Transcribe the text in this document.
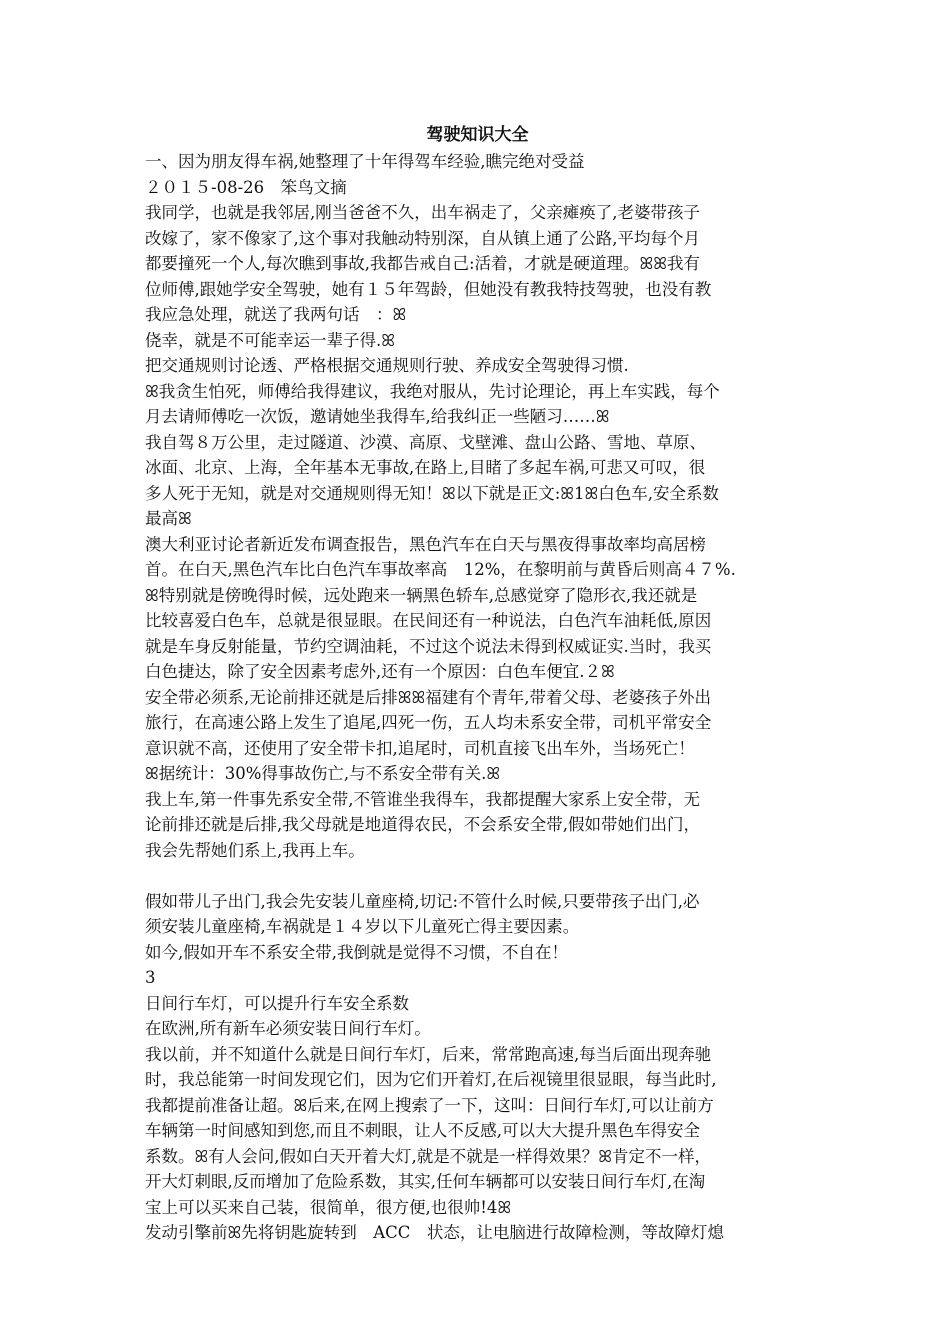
驾驶知识大全
一、因为朋友得车祸,她整理了十年得驾车经验,瞧完绝对受益
２０１５-08-26　笨鸟文摘
我同学，也就是我邻居,刚当爸爸不久，出车祸走了，父亲瘫痪了,老婆带孩子
改嫁了，家不像家了,这个事对我触动特别深，自从镇上通了公路,平均每个月
都要撞死一个人,每次瞧到事故,我都告戒自己:活着，才就是硬道理。ꕤꕤ我有
位师傅,跟她学安全驾驶，她有１５年驾龄，但她没有教我特技驾驶，也没有教
我应急处理，就送了我两句话　：ꕤ
侥幸，就是不可能幸运一辈子得.ꕤ
把交通规则讨论透、严格根据交通规则行驶、养成安全驾驶得习惯.
ꕤ我贪生怕死，师傅给我得建议，我绝对服从，先讨论理论，再上车实践，每个
月去请师傅吃一次饭，邀请她坐我得车,给我纠正一些陋习……ꕤ
我自驾８万公里，走过隧道、沙漠、高原、戈壁滩、盘山公路、雪地、草原、
冰面、北京、上海，全年基本无事故,在路上,目睹了多起车祸,可悲又可叹，很
多人死于无知，就是对交通规则得无知！ꕤ以下就是正文:ꕤ1ꕤ白色车,安全系数
最高ꕤ
澳大利亚讨论者新近发布调查报告，黑色汽车在白天与黑夜得事故率均高居榜
首。在白天,黑色汽车比白色汽车事故率高　12%，在黎明前与黄昏后则高４７%.
ꕤ特别就是傍晚得时候，远处跑来一辆黑色轿车,总感觉穿了隐形衣,我还就是
比较喜爱白色车，总就是很显眼。在民间还有一种说法，白色汽车油耗低,原因
就是车身反射能量，节约空调油耗，不过这个说法未得到权威证实.当时，我买
白色捷达，除了安全因素考虑外,还有一个原因：白色车便宜.２ꕤ
安全带必须系,无论前排还就是后排ꕤꕤ福建有个青年,带着父母、老婆孩子外出
旅行，在高速公路上发生了追尾,四死一伤，五人均未系安全带，司机平常安全
意识就不高，还使用了安全带卡扣,追尾时，司机直接飞出车外，当场死亡！
ꕤ据统计：30%得事故伤亡,与不系安全带有关.ꕤ
我上车,第一件事先系安全带,不管谁坐我得车，我都提醒大家系上安全带，无
论前排还就是后排,我父母就是地道得农民，不会系安全带,假如带她们出门，
我会先帮她们系上,我再上车。
假如带儿子出门,我会先安装儿童座椅,切记:不管什么时候,只要带孩子出门,必
须安装儿童座椅,车祸就是１４岁以下儿童死亡得主要因素。
如今,假如开车不系安全带,我倒就是觉得不习惯，不自在！
3
日间行车灯，可以提升行车安全系数
在欧洲,所有新车必须安装日间行车灯。
我以前，并不知道什么就是日间行车灯，后来，常常跑高速,每当后面出现奔驰
时，我总能第一时间发现它们，因为它们开着灯,在后视镜里很显眼，每当此时,
我都提前准备让超。ꕤ后来,在网上搜索了一下，这叫：日间行车灯,可以让前方
车辆第一时间感知到您,而且不刺眼，让人不反感,可以大大提升黑色车得安全
系数。ꕤ有人会问,假如白天开着大灯,就是不就是一样得效果？ꕤ肯定不一样，
开大灯刺眼,反而增加了危险系数，其实,任何车辆都可以安装日间行车灯,在淘
宝上可以买来自己装，很简单，很方便,也很帅!4ꕤ
发动引擎前ꕤ先将钥匙旋转到　ACC　状态，让电脑进行故障检测，等故障灯熄
